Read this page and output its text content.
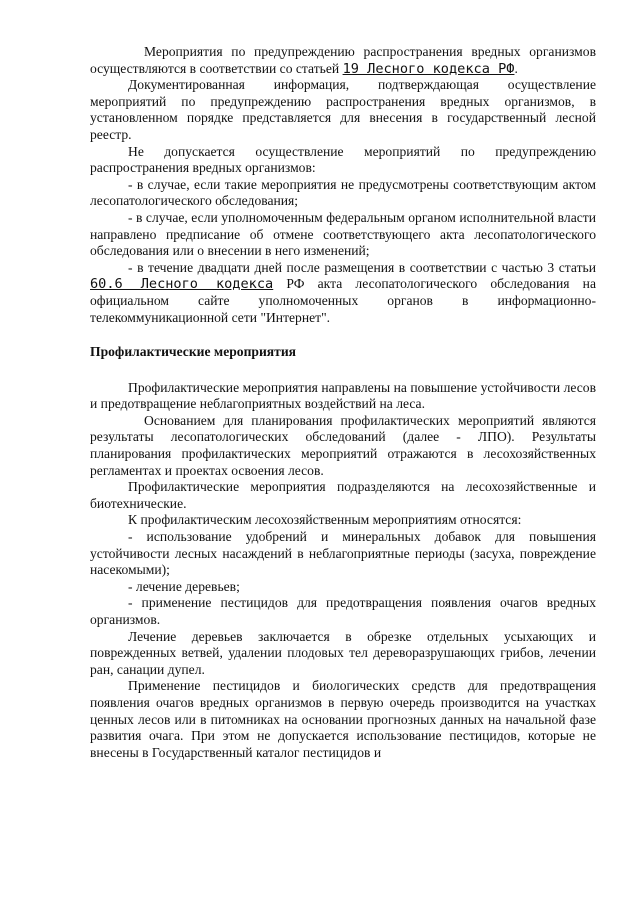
Мероприятия по предупреждению распространения вредных организмов осуществляются в соответствии со статьей 19 Лесного кодекса РФ.

Документированная информация, подтверждающая осуществление мероприятий по предупреждению распространения вредных организмов, в установленном порядке представляется для внесения в государственный лесной реестр.

Не допускается осуществление мероприятий по предупреждению распространения вредных организмов:

- в случае, если такие мероприятия не предусмотрены соответствующим актом лесопатологического обследования;

- в случае, если уполномоченным федеральным органом исполнительной власти направлено предписание об отмене соответствующего акта лесопатологического обследования или о внесении в него изменений;

- в течение двадцати дней после размещения в соответствии с частью 3 статьи 60.6 Лесного кодекса РФ акта лесопатологического обследования на официальном сайте уполномоченных органов в информационно-телекоммуникационной сети "Интернет".

Профилактические мероприятия

Профилактические мероприятия направлены на повышение устойчивости лесов и предотвращение неблагоприятных воздействий на леса.

Основанием для планирования профилактических мероприятий являются результаты лесопатологических обследований (далее - ЛПО). Результаты планирования профилактических мероприятий отражаются в лесохозяйственных регламентах и проектах освоения лесов.

Профилактические мероприятия подразделяются на лесохозяйственные и биотехнические.

К профилактическим лесохозяйственным мероприятиям относятся:

- использование удобрений и минеральных добавок для повышения устойчивости лесных насаждений в неблагоприятные периоды (засуха, повреждение насекомыми);

- лечение деревьев;

- применение пестицидов для предотвращения появления очагов вредных организмов.

Лечение деревьев заключается в обрезке отдельных усыхающих и поврежденных ветвей, удалении плодовых тел дереворазрушающих грибов, лечении ран, санации дупел.

Применение пестицидов и биологических средств для предотвращения появления очагов вредных организмов в первую очередь производится на участках ценных лесов или в питомниках на основании прогнозных данных на начальной фазе развития очага. При этом не допускается использование пестицидов, которые не внесены в Государственный каталог пестицидов и
